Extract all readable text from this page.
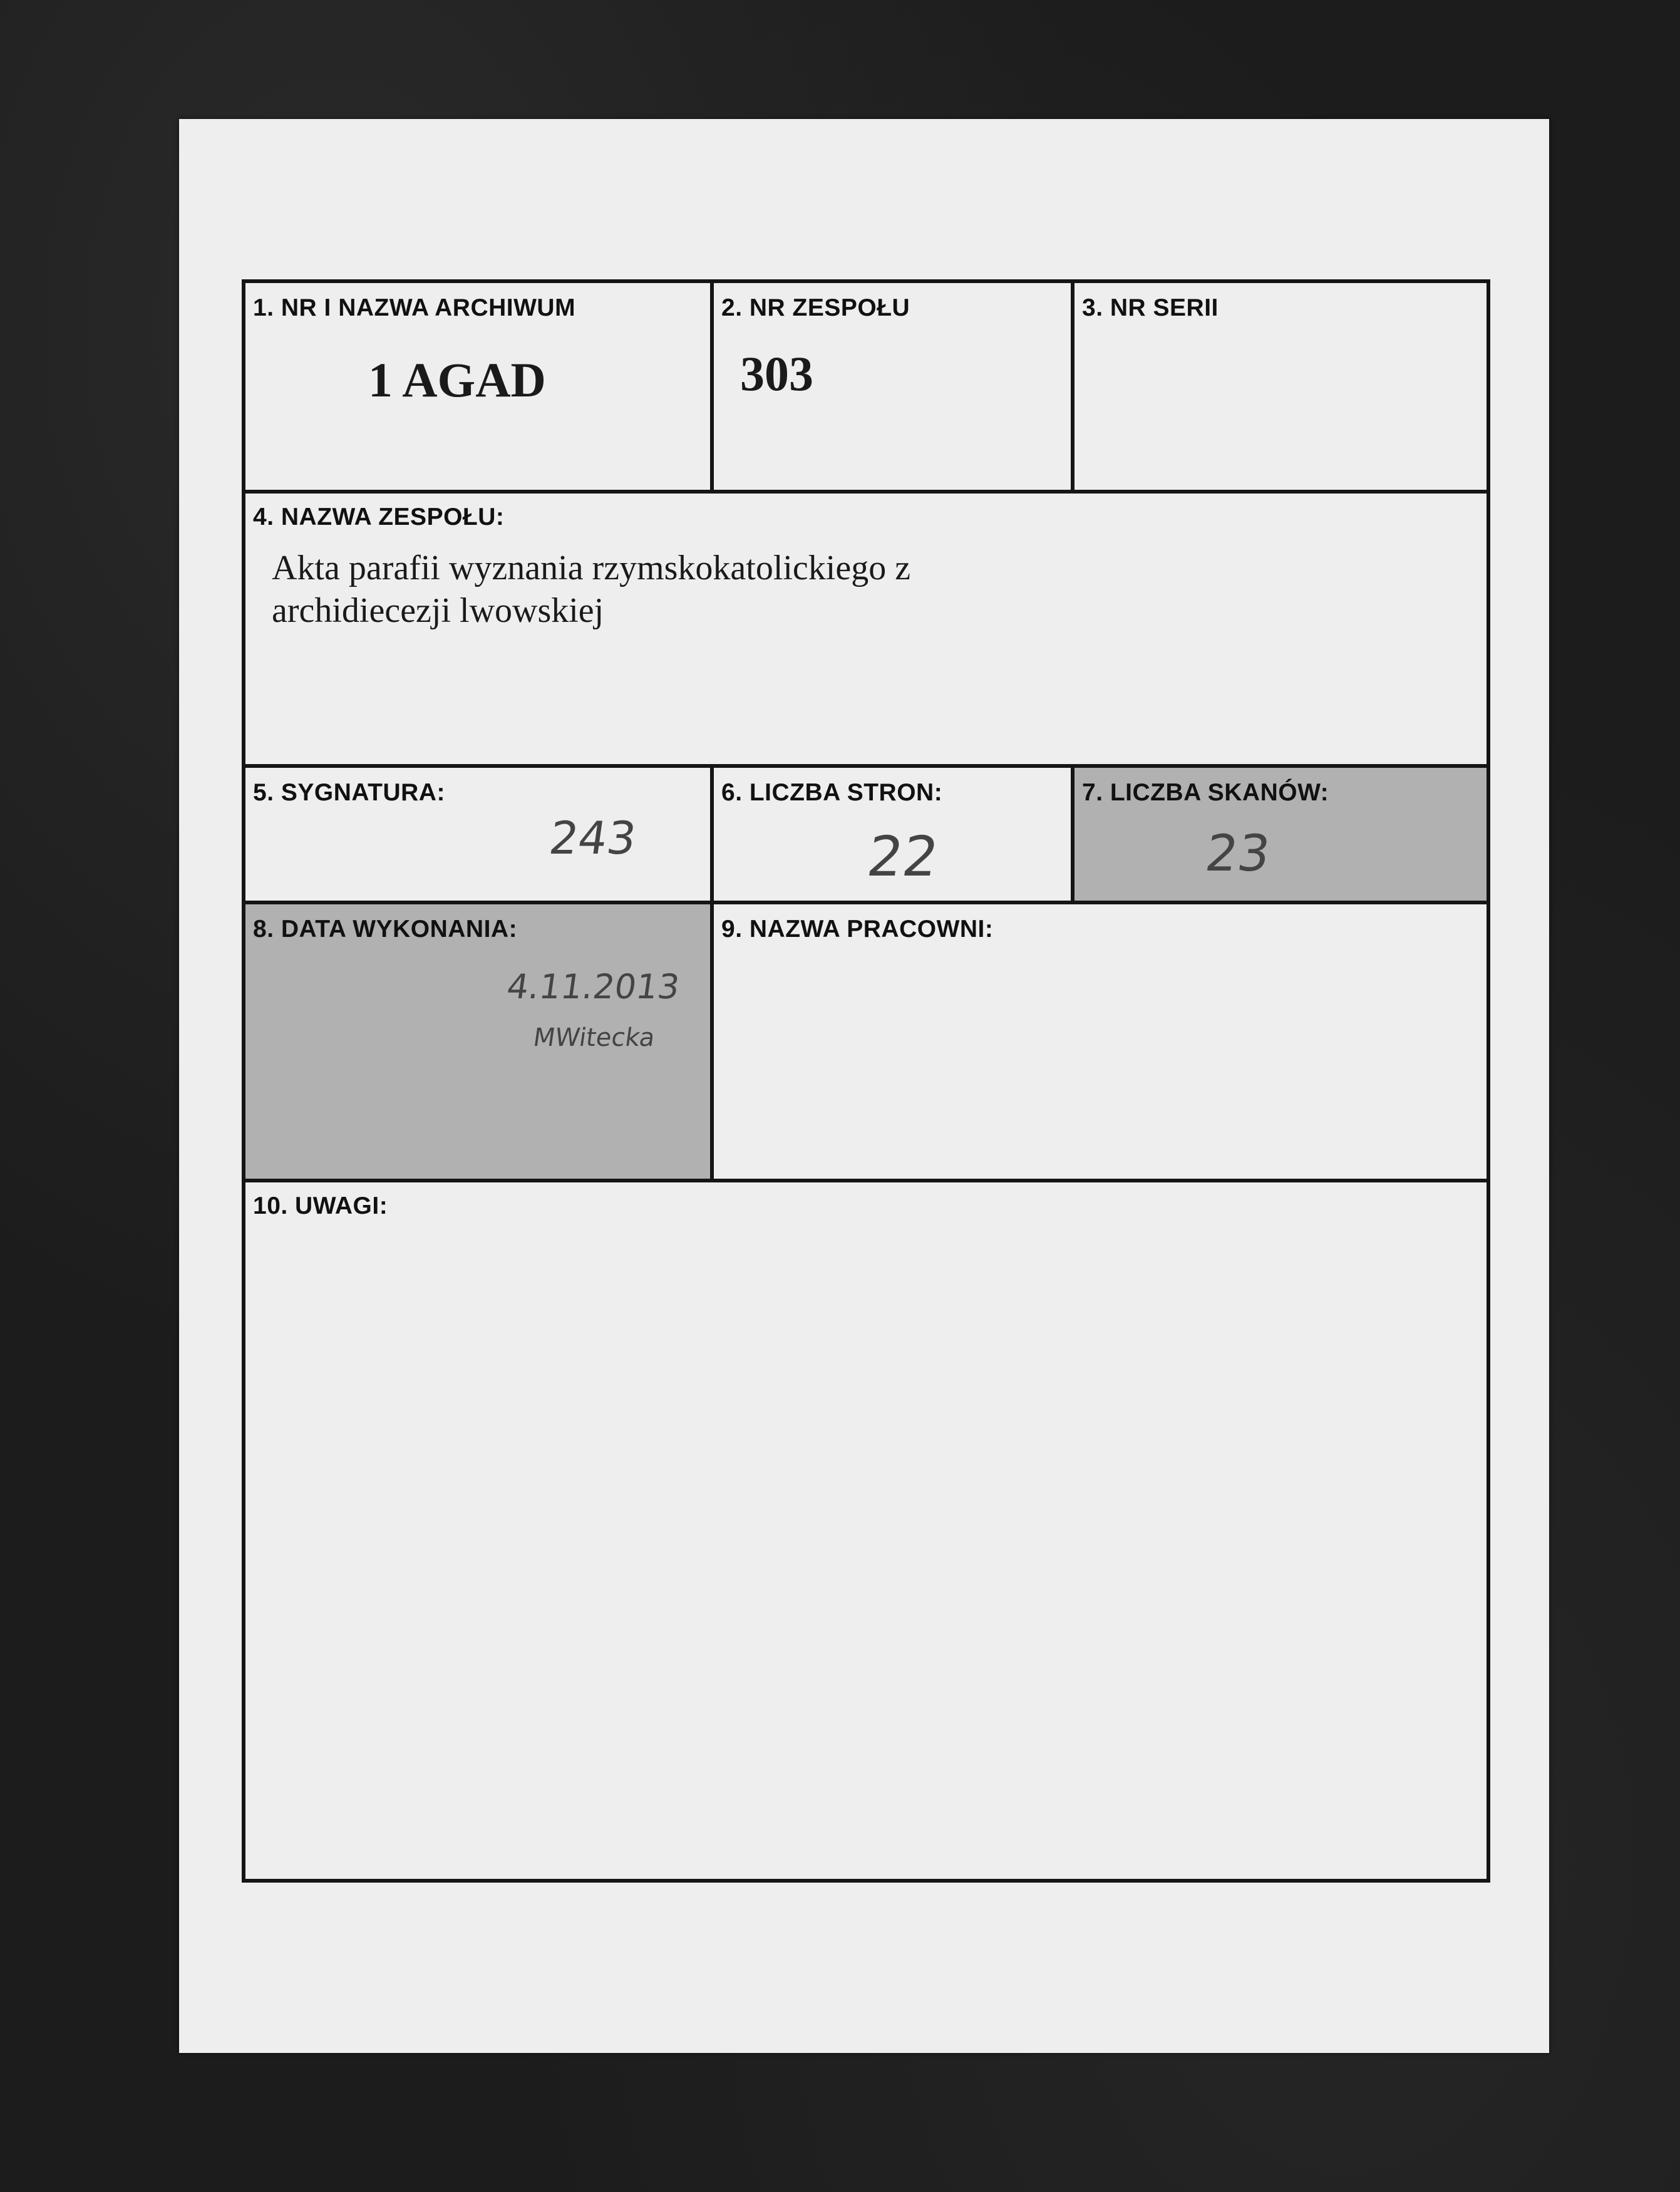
1. NR I NAZWA ARCHIWUM
1 AGAD
2. NR ZESPOŁU
303
3. NR SERII
4. NAZWA ZESPOŁU:
Akta parafii wyznania rzymskokatolickiego z
archidiecezji lwowskiej
5. SYGNATURA:
243
6. LICZBA STRON:
22
7. LICZBA SKANÓW:
23
8. DATA WYKONANIA:
4.11.2013
MWitecka
9. NAZWA PRACOWNI:
10. UWAGI:
